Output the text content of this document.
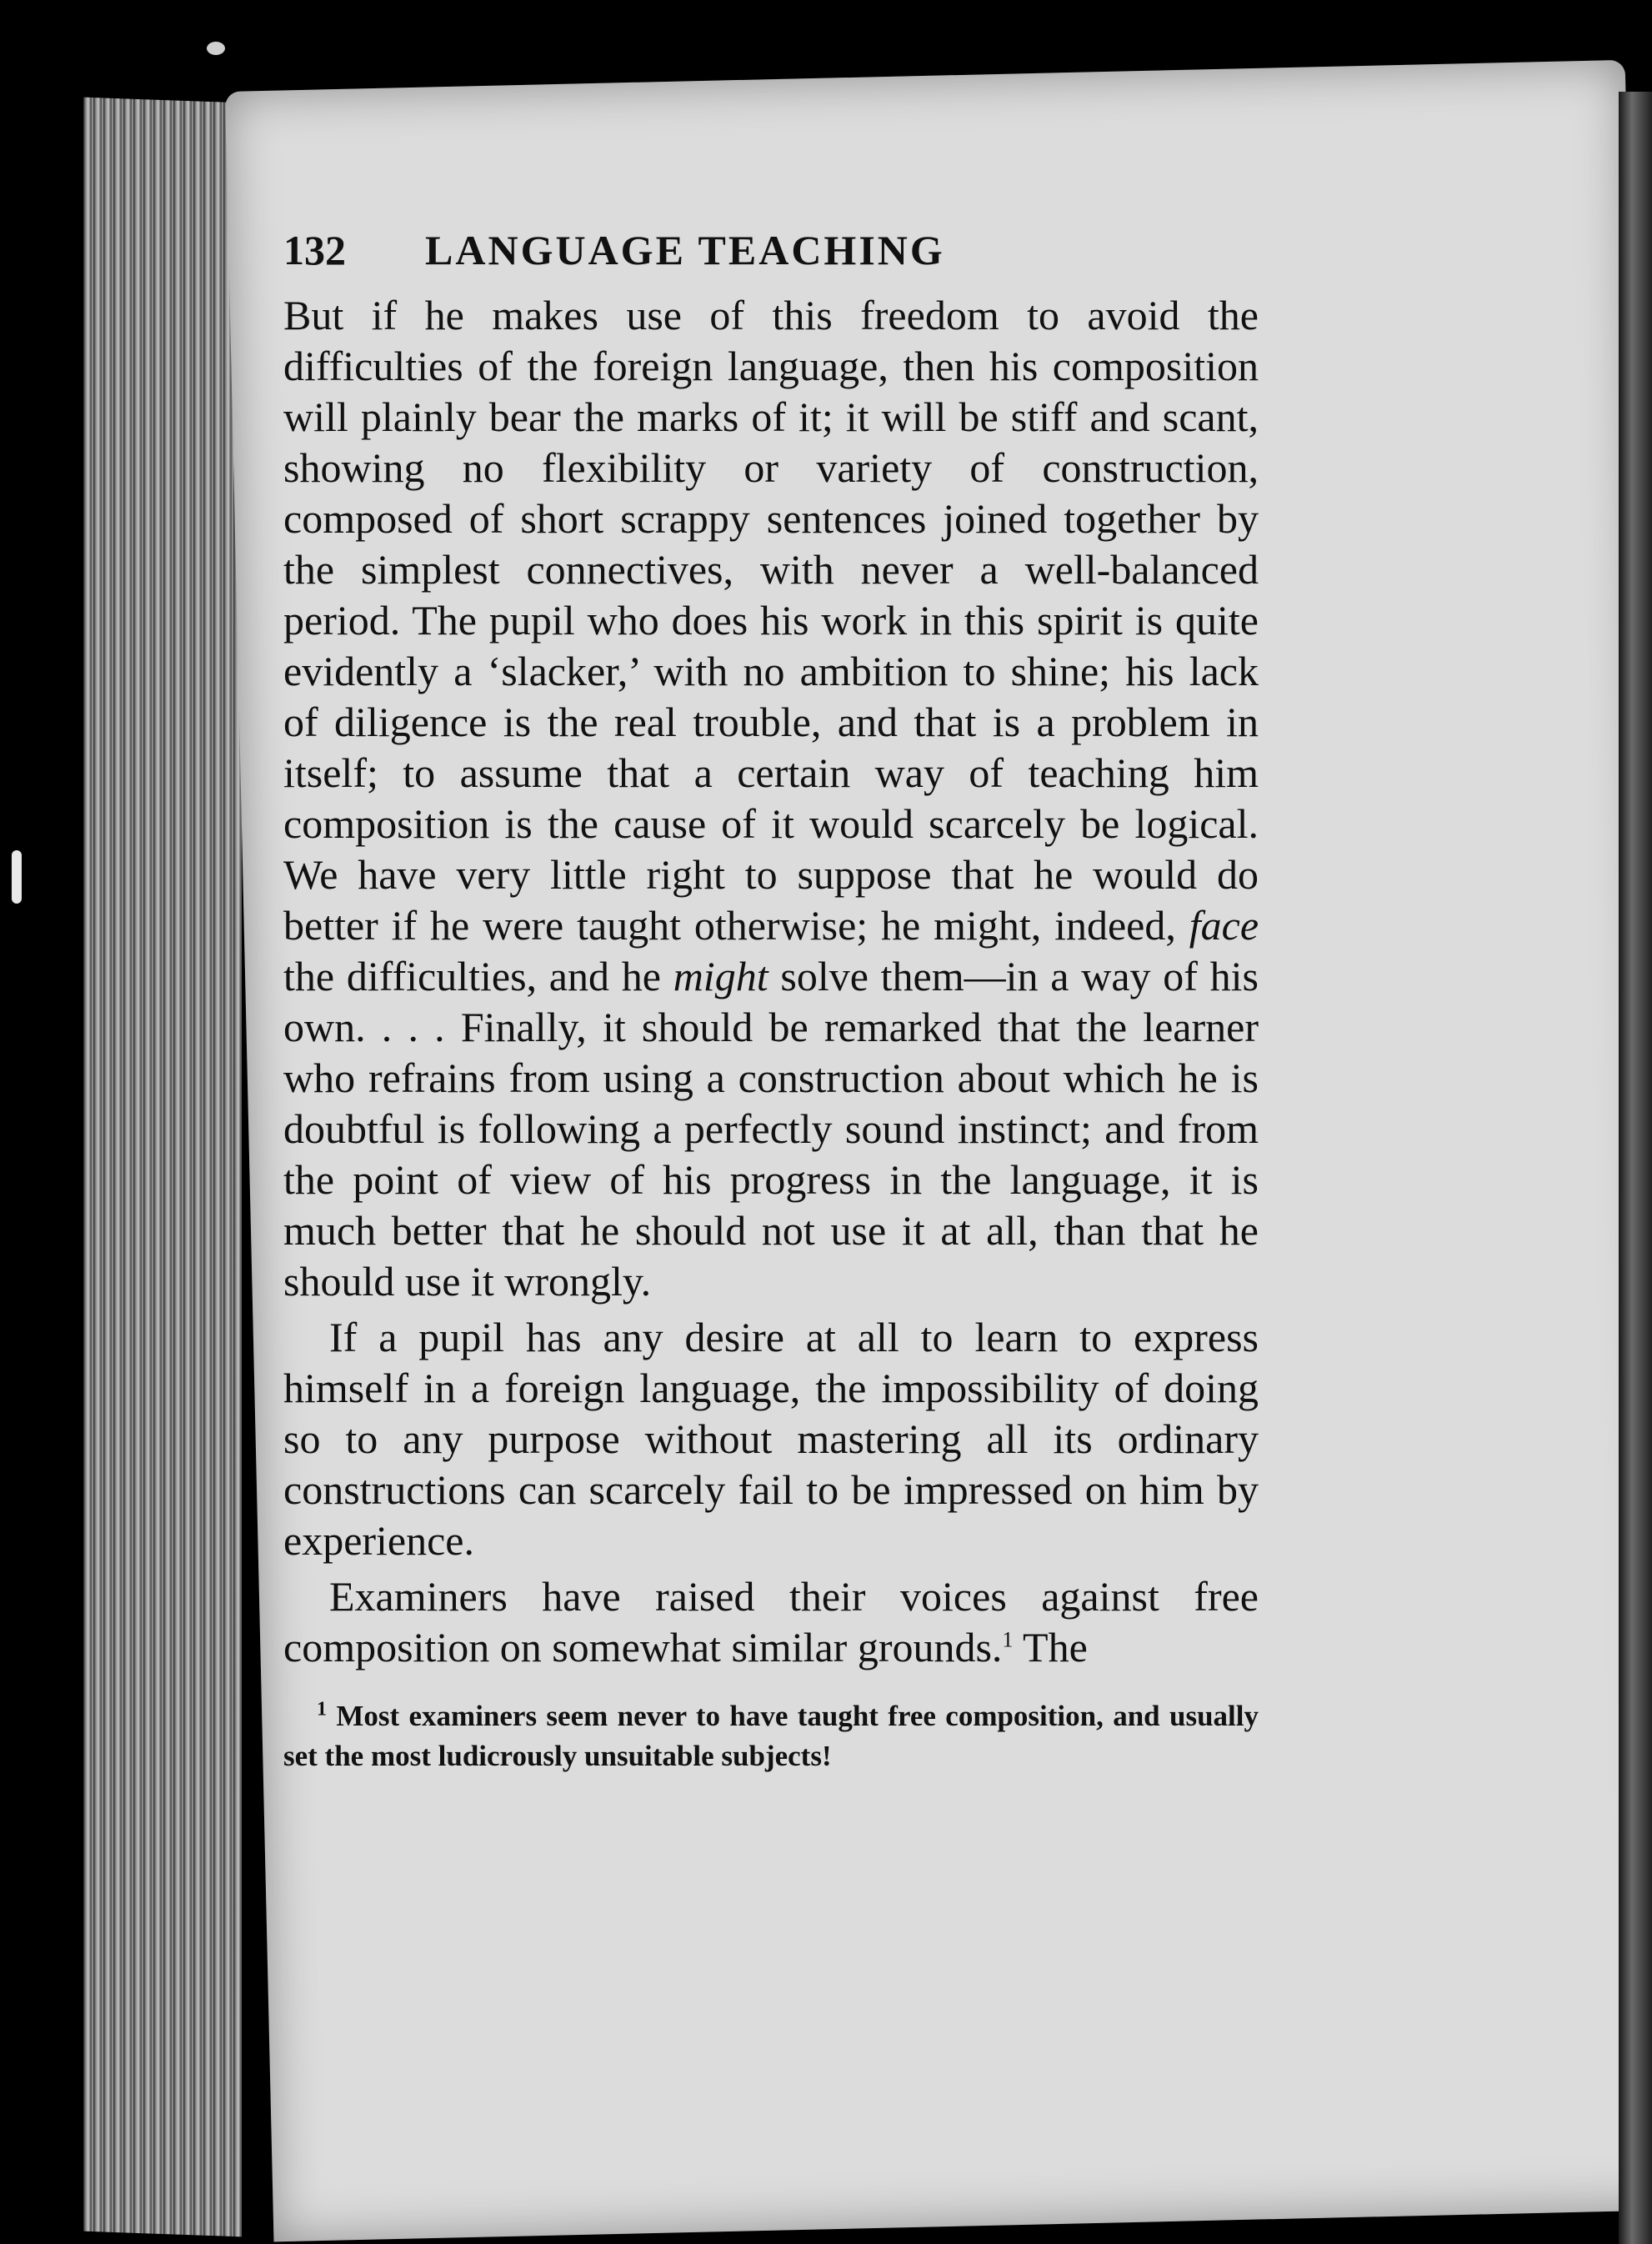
132	LANGUAGE TEACHING

But if he makes use of this freedom to avoid the difficulties of the foreign language, then his composition will plainly bear the marks of it; it will be stiff and scant, showing no flexibility or variety of construction, composed of short scrappy sentences joined together by the simplest connectives, with never a well-balanced period. The pupil who does his work in this spirit is quite evidently a ‘slacker,’ with no ambition to shine; his lack of diligence is the real trouble, and that is a problem in itself; to assume that a certain way of teaching him composition is the cause of it would scarcely be logical. We have very little right to suppose that he would do better if he were taught otherwise; he might, indeed, face the difficulties, and he might solve them—in a way of his own. . . . Finally, it should be remarked that the learner who refrains from using a construction about which he is doubtful is following a perfectly sound instinct; and from the point of view of his progress in the language, it is much better that he should not use it at all, than that he should use it wrongly.

If a pupil has any desire at all to learn to express himself in a foreign language, the impossibility of doing so to any purpose without mastering all its ordinary constructions can scarcely fail to be impressed on him by experience.

Examiners have raised their voices against free composition on somewhat similar grounds.$^1$ The

$^1$ Most examiners seem never to have taught free composition, and usually set the most ludicrously unsuitable subjects!
